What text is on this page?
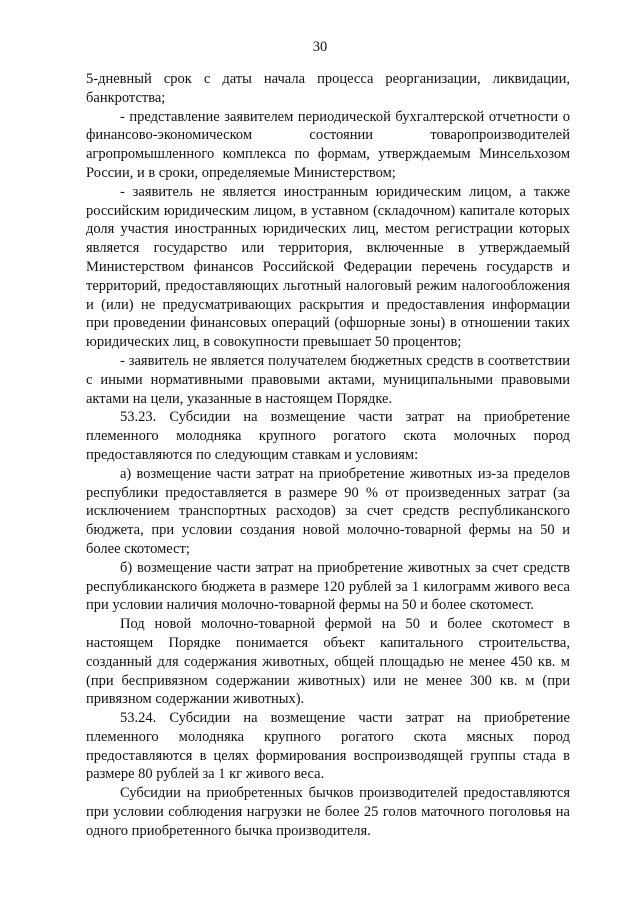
30

5-дневный срок с даты начала процесса реорганизации, ликвидации, банкротства;

- представление заявителем периодической бухгалтерской отчетности о финансово-экономическом состоянии товаропроизводителей агропромышленного комплекса по формам, утверждаемым Минсельхозом России, и в сроки, определяемые Министерством;

- заявитель не является иностранным юридическим лицом, а также российским юридическим лицом, в уставном (складочном) капитале которых доля участия иностранных юридических лиц, местом регистрации которых является государство или территория, включенные в утверждаемый Министерством финансов Российской Федерации перечень государств и территорий, предоставляющих льготный налоговый режим налогообложения и (или) не предусматривающих раскрытия и предоставления информации при проведении финансовых операций (офшорные зоны) в отношении таких юридических лиц, в совокупности превышает 50 процентов;

- заявитель не является получателем бюджетных средств в соответствии с иными нормативными правовыми актами, муниципальными правовыми актами на цели, указанные в настоящем Порядке.

53.23. Субсидии на возмещение части затрат на приобретение племенного молодняка крупного рогатого скота молочных пород предоставляются по следующим ставкам и условиям:

а) возмещение части затрат на приобретение животных из-за пределов республики предоставляется в размере 90 % от произведенных затрат (за исключением транспортных расходов) за счет средств республиканского бюджета, при условии создания новой молочно-товарной фермы на 50 и более скотомест;

б) возмещение части затрат на приобретение животных за счет средств республиканского бюджета в размере 120 рублей за 1 килограмм живого веса при условии наличия молочно-товарной фермы на 50 и более скотомест.

Под новой молочно-товарной фермой на 50 и более скотомест в настоящем Порядке понимается объект капитального строительства, созданный для содержания животных, общей площадью не менее 450 кв. м (при беспривязном содержании животных) или не менее 300 кв. м (при привязном содержании животных).

53.24. Субсидии на возмещение части затрат на приобретение племенного молодняка крупного рогатого скота мясных пород предоставляются в целях формирования воспроизводящей группы стада в размере 80 рублей за 1 кг живого веса.

Субсидии на приобретенных бычков производителей предоставляются при условии соблюдения нагрузки не более 25 голов маточного поголовья на одного приобретенного бычка производителя.
